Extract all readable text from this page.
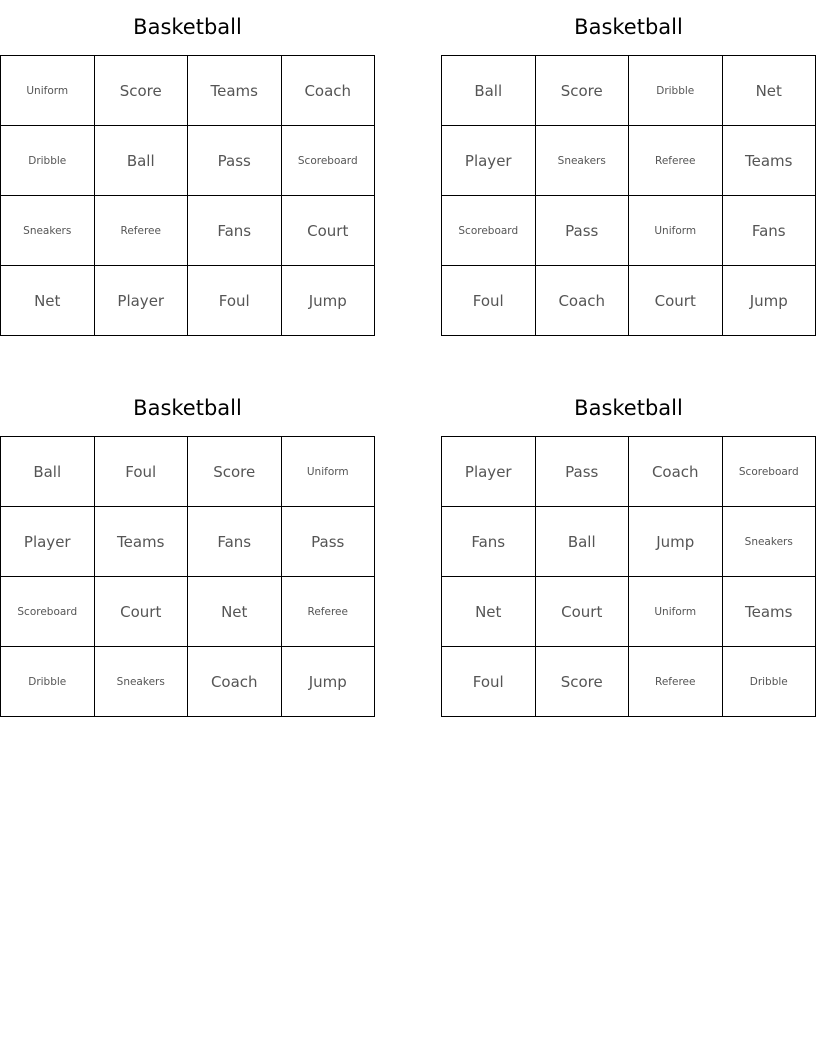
Basketball
Uniform	Score	Teams	Coach
Dribble	Ball	Pass	Scoreboard
Sneakers	Referee	Fans	Court
Net	Player	Foul	Jump
Basketball
Ball	Score	Dribble	Net
Player	Sneakers	Referee	Teams
Scoreboard	Pass	Uniform	Fans
Foul	Coach	Court	Jump
Basketball
Ball	Foul	Score	Uniform
Player	Teams	Fans	Pass
Scoreboard	Court	Net	Referee
Dribble	Sneakers	Coach	Jump
Basketball
Player	Pass	Coach	Scoreboard
Fans	Ball	Jump	Sneakers
Net	Court	Uniform	Teams
Foul	Score	Referee	Dribble
